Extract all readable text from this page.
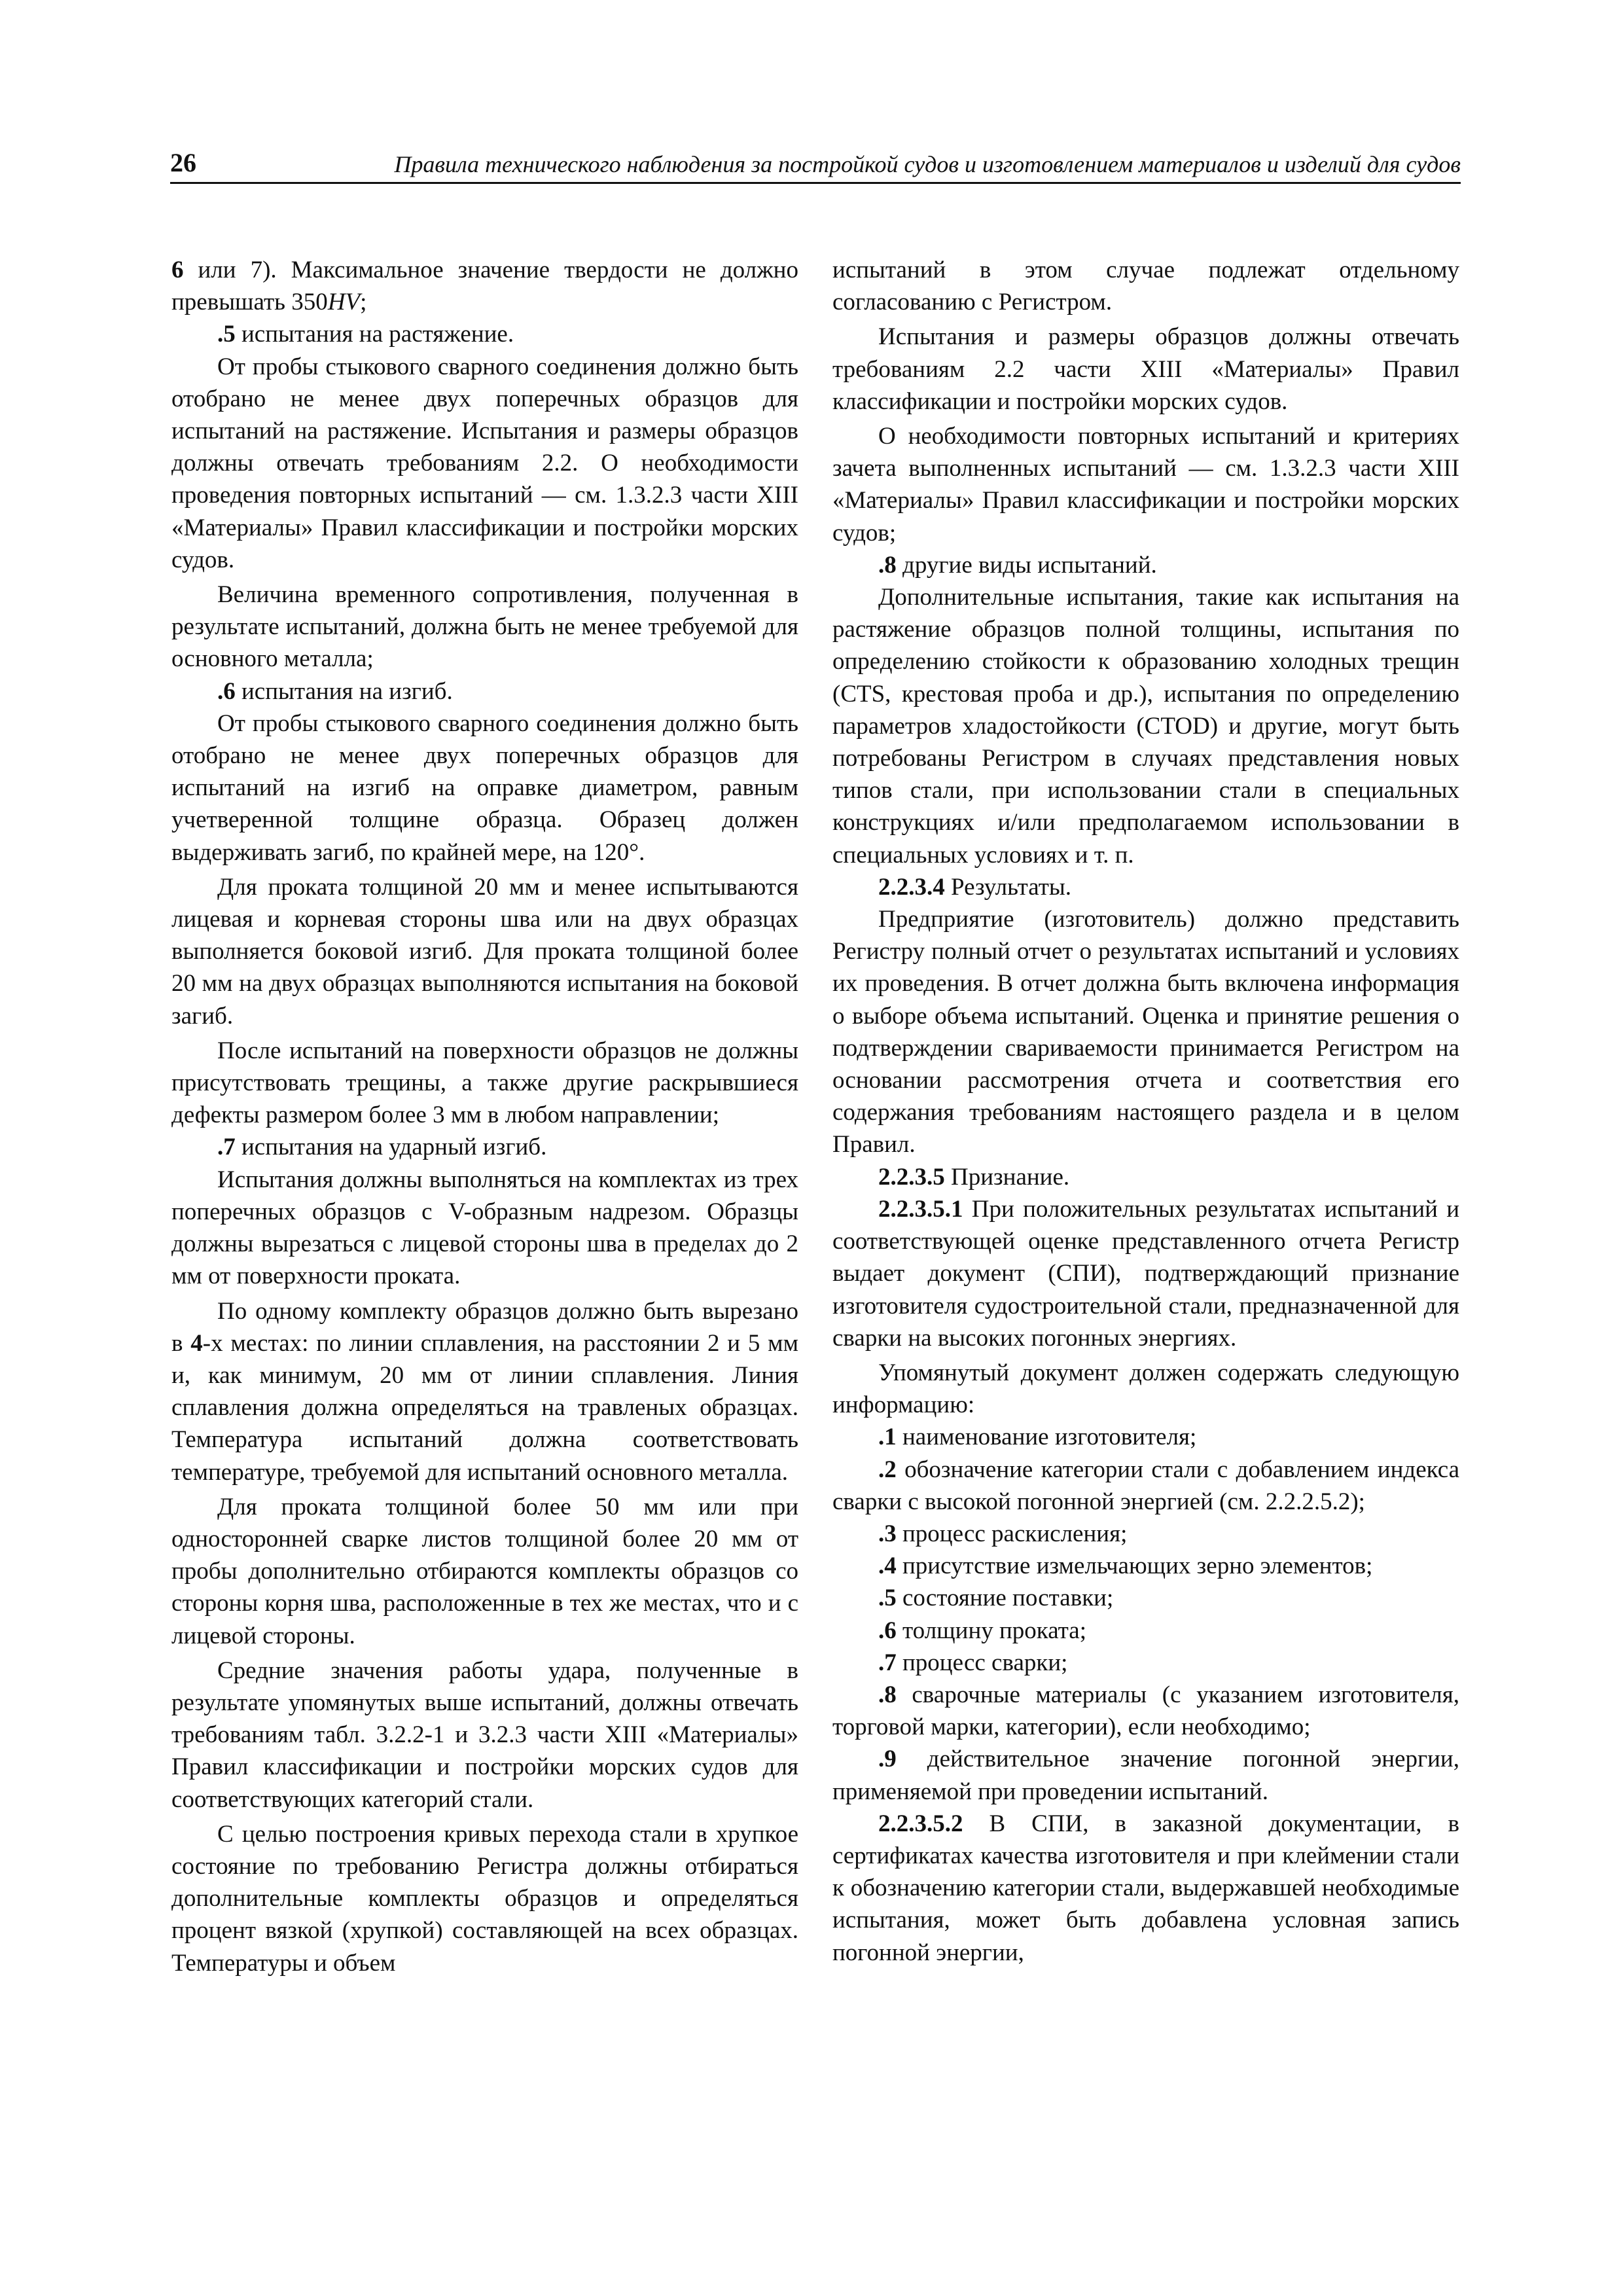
26	Правила технического наблюдения за постройкой судов и изготовлением материалов и изделий для судов

6 или 7). Максимальное значение твердости не должно превышать 350HV;

.5 испытания на растяжение.

От пробы стыкового сварного соединения должно быть отобрано не менее двух поперечных образцов для испытаний на растяжение. Испытания и размеры образцов должны отвечать требованиям 2.2. О необходимости проведения повторных испытаний — см. 1.3.2.3 части XIII «Материалы» Правил классификации и постройки морских судов.

Величина временного сопротивления, полученная в результате испытаний, должна быть не менее требуемой для основного металла;

.6 испытания на изгиб.

От пробы стыкового сварного соединения должно быть отобрано не менее двух поперечных образцов для испытаний на изгиб на оправке диаметром, равным учетверенной толщине образца. Образец должен выдерживать загиб, по крайней мере, на 120°.

Для проката толщиной 20 мм и менее испытываются лицевая и корневая стороны шва или на двух образцах выполняется боковой изгиб. Для проката толщиной более 20 мм на двух образцах выполняются испытания на боковой загиб.

После испытаний на поверхности образцов не должны присутствовать трещины, а также другие раскрывшиеся дефекты размером более 3 мм в любом направлении;

.7 испытания на ударный изгиб.

Испытания должны выполняться на комплектах из трех поперечных образцов с V-образным надрезом. Образцы должны вырезаться с лицевой стороны шва в пределах до 2 мм от поверхности проката.

По одному комплекту образцов должно быть вырезано в 4-х местах: по линии сплавления, на расстоянии 2 и 5 мм и, как минимум, 20 мм от линии сплавления. Линия сплавления должна определяться на травленых образцах. Температура испытаний должна соответствовать температуре, требуемой для испытаний основного металла.

Для проката толщиной более 50 мм или при односторонней сварке листов толщиной более 20 мм от пробы дополнительно отбираются комплекты образцов со стороны корня шва, расположенные в тех же местах, что и с лицевой стороны.

Средние значения работы удара, полученные в результате упомянутых выше испытаний, должны отвечать требованиям табл. 3.2.2-1 и 3.2.3 части XIII «Материалы» Правил классификации и постройки морских судов для соответствующих категорий стали.

С целью построения кривых перехода стали в хрупкое состояние по требованию Регистра должны отбираться дополнительные комплекты образцов и определяться процент вязкой (хрупкой) составляющей на всех образцах. Температуры и объем

испытаний в этом случае подлежат отдельному согласованию с Регистром.

Испытания и размеры образцов должны отвечать требованиям 2.2 части XIII «Материалы» Правил классификации и постройки морских судов.

О необходимости повторных испытаний и критериях зачета выполненных испытаний — см. 1.3.2.3 части XIII «Материалы» Правил классификации и постройки морских судов;

.8 другие виды испытаний.

Дополнительные испытания, такие как испытания на растяжение образцов полной толщины, испытания по определению стойкости к образованию холодных трещин (CTS, крестовая проба и др.), испытания по определению параметров хладостойкости (CTOD) и другие, могут быть потребованы Регистром в случаях представления новых типов стали, при использовании стали в специальных конструкциях и/или предполагаемом использовании в специальных условиях и т. п.

2.2.3.4 Результаты.

Предприятие (изготовитель) должно представить Регистру полный отчет о результатах испытаний и условиях их проведения. В отчет должна быть включена информация о выборе объема испытаний. Оценка и принятие решения о подтверждении свариваемости принимается Регистром на основании рассмотрения отчета и соответствия его содержания требованиям настоящего раздела и в целом Правил.

2.2.3.5 Признание.

2.2.3.5.1 При положительных результатах испытаний и соответствующей оценке представленного отчета Регистр выдает документ (СПИ), подтверждающий признание изготовителя судостроительной стали, предназначенной для сварки на высоких погонных энергиях.

Упомянутый документ должен содержать следующую информацию:

.1 наименование изготовителя;

.2 обозначение категории стали с добавлением индекса сварки с высокой погонной энергией (см. 2.2.2.5.2);

.3 процесс раскисления;

.4 присутствие измельчающих зерно элементов;

.5 состояние поставки;

.6 толщину проката;

.7 процесс сварки;

.8 сварочные материалы (с указанием изготовителя, торговой марки, категории), если необходимо;

.9 действительное значение погонной энергии, применяемой при проведении испытаний.

2.2.3.5.2 В СПИ, в заказной документации, в сертификатах качества изготовителя и при клеймении стали к обозначению категории стали, выдержавшей необходимые испытания, может быть добавлена условная запись погонной энергии,
